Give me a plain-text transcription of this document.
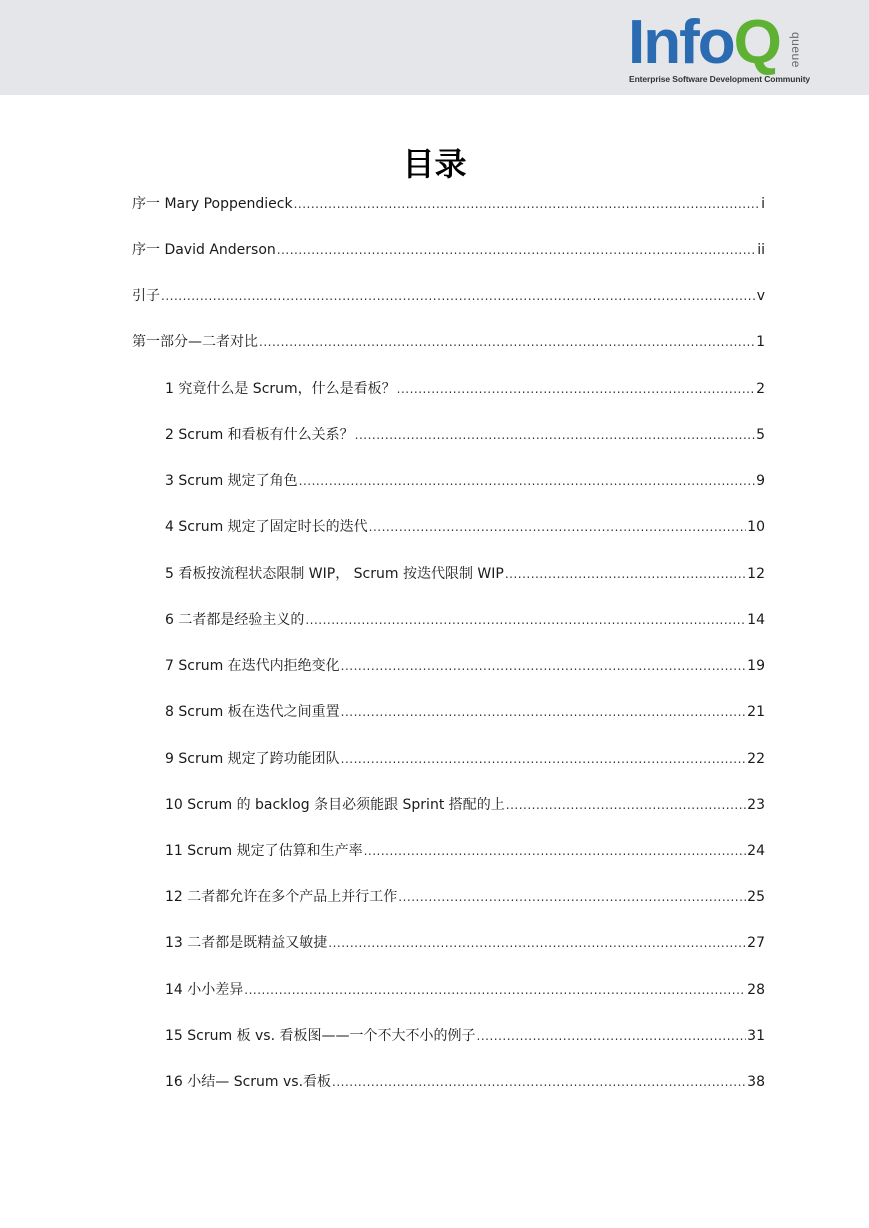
InfoQ queue
Enterprise Software Development Community
目录
序一 Mary Poppendieck .....	i
序一 David Anderson .....	ii
引子 .....	v
第一部分—二者对比 .....	1
1 究竟什么是 Scrum，什么是看板？ .....	2
2 Scrum 和看板有什么关系？ .....	5
3 Scrum 规定了角色 .....	9
4 Scrum 规定了固定时长的迭代 .....	10
5 看板按流程状态限制 WIP， Scrum 按迭代限制 WIP .....	12
6 二者都是经验主义的 .....	14
7 Scrum 在迭代内拒绝变化 .....	19
8 Scrum 板在迭代之间重置 .....	21
9 Scrum 规定了跨功能团队 .....	22
10 Scrum 的 backlog 条目必须能跟 Sprint 搭配的上 .....	23
11 Scrum 规定了估算和生产率 .....	24
12 二者都允许在多个产品上并行工作 .....	25
13 二者都是既精益又敏捷 .....	27
14 小小差异 .....	28
15 Scrum 板 vs. 看板图——一个不大不小的例子 .....	31
16 小结— Scrum vs.看板 .....	38
